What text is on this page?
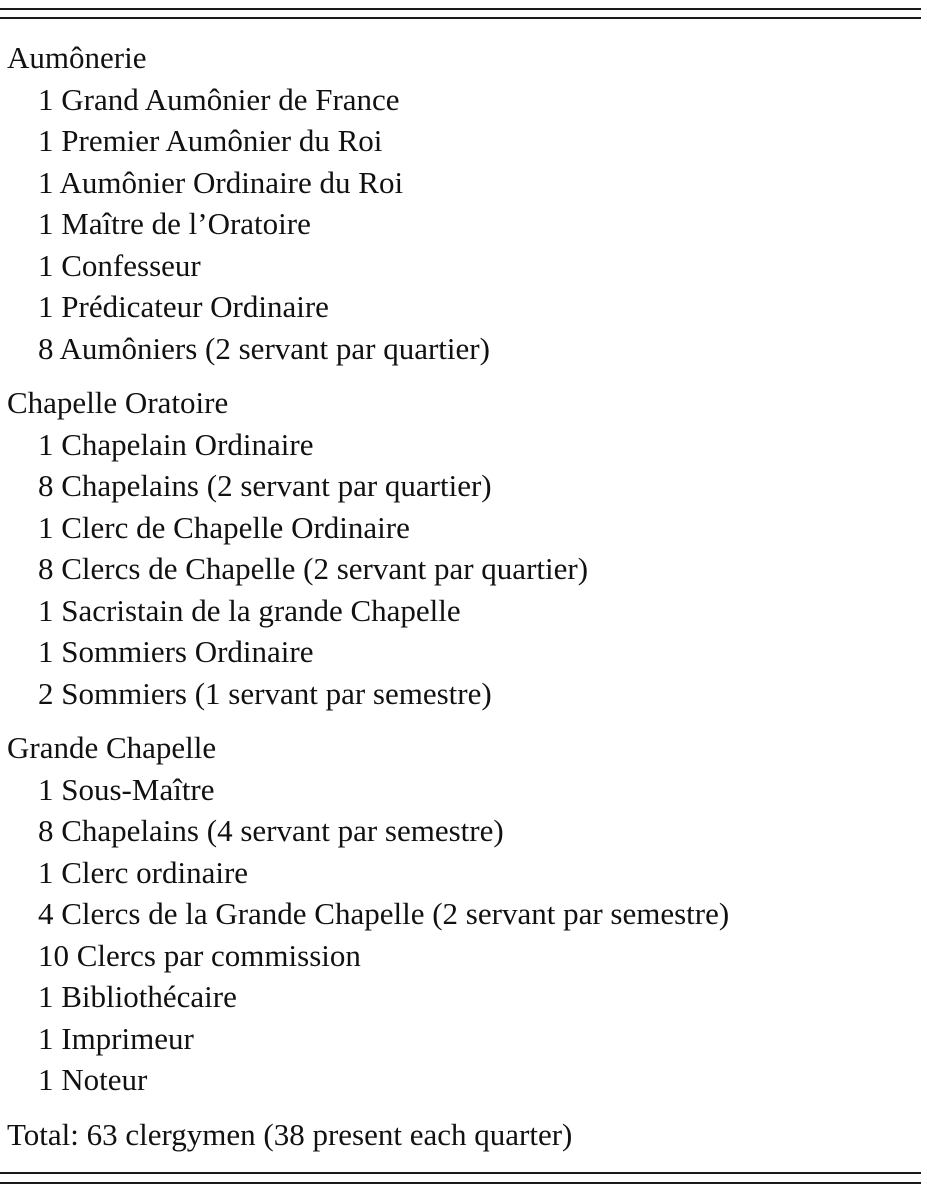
Aumônerie
1 Grand Aumônier de France
1 Premier Aumônier du Roi
1 Aumônier Ordinaire du Roi
1 Maître de l’Oratoire
1 Confesseur
1 Prédicateur Ordinaire
8 Aumôniers (2 servant par quartier)
Chapelle Oratoire
1 Chapelain Ordinaire
8 Chapelains (2 servant par quartier)
1 Clerc de Chapelle Ordinaire
8 Clercs de Chapelle (2 servant par quartier)
1 Sacristain de la grande Chapelle
1 Sommiers Ordinaire
2 Sommiers (1 servant par semestre)
Grande Chapelle
1 Sous-Maître
8 Chapelains (4 servant par semestre)
1 Clerc ordinaire
4 Clercs de la Grande Chapelle (2 servant par semestre)
10 Clercs par commission
1 Bibliothécaire
1 Imprimeur
1 Noteur
Total: 63 clergymen (38 present each quarter)
